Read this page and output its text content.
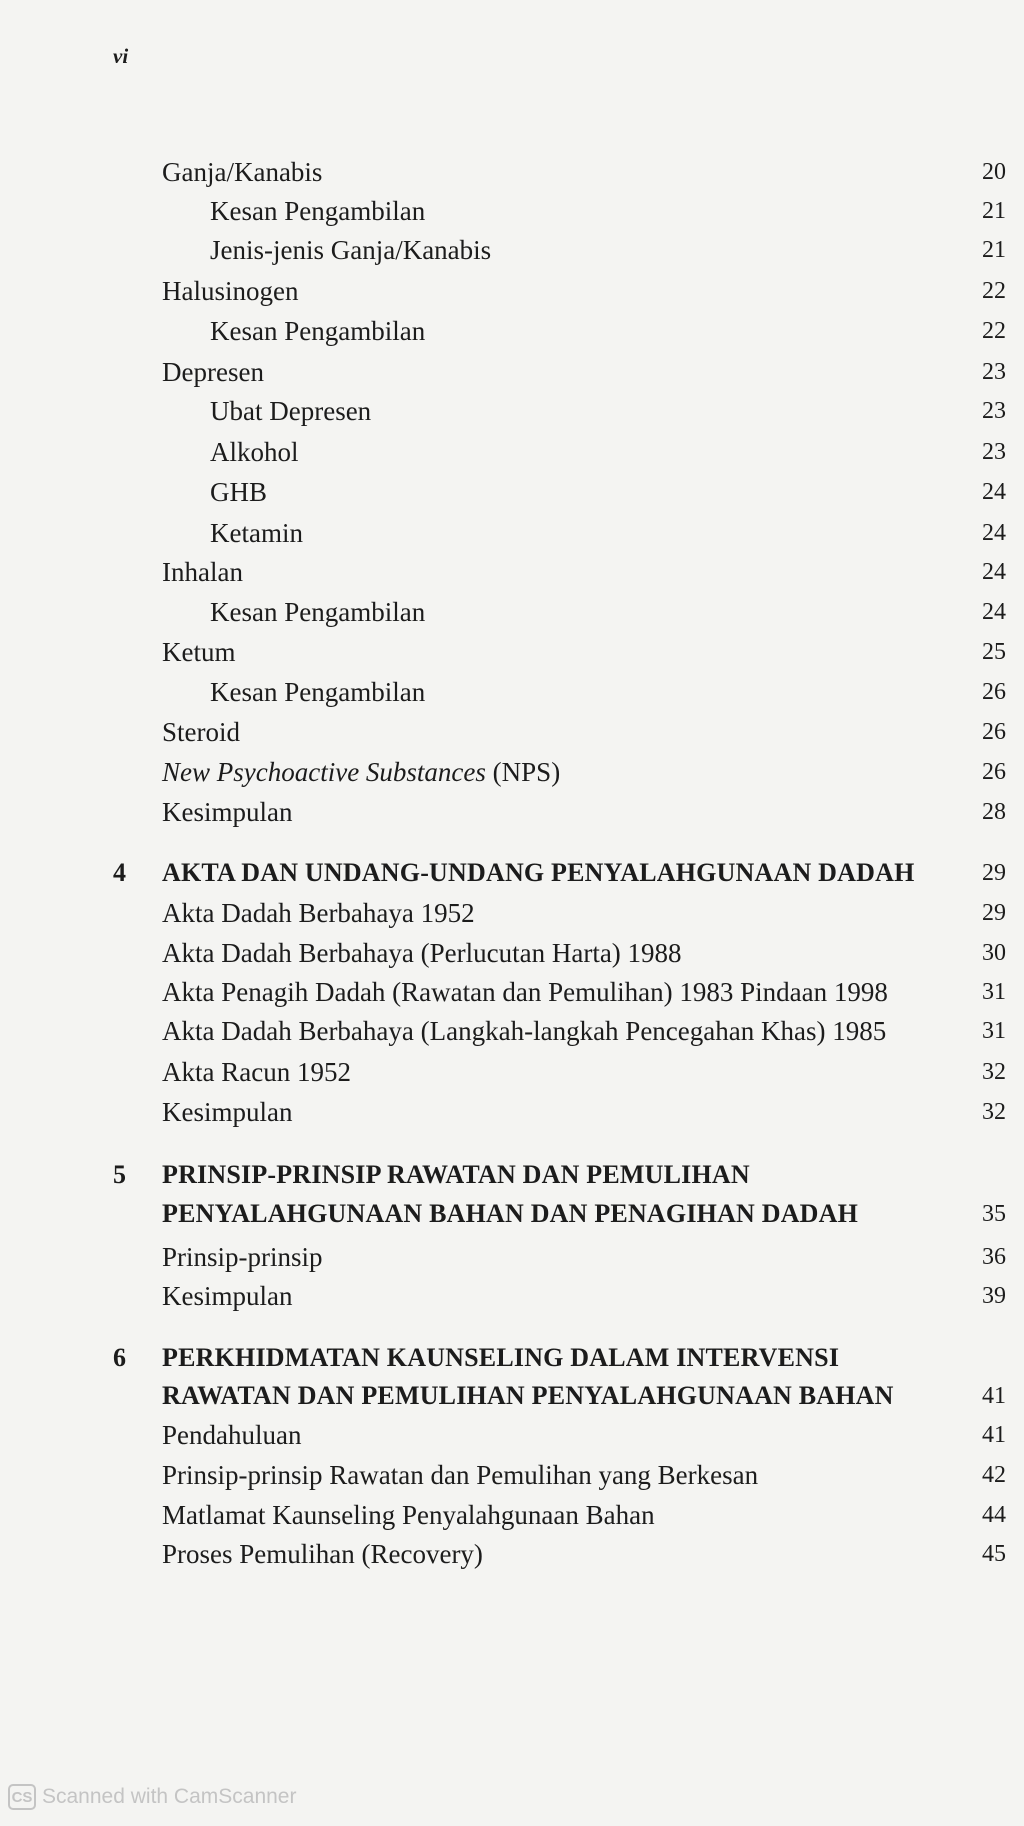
vi
Ganja/Kanabis	20
Kesan Pengambilan	21
Jenis-jenis Ganja/Kanabis	21
Halusinogen	22
Kesan Pengambilan	22
Depresen	23
Ubat Depresen	23
Alkohol	23
GHB	24
Ketamin	24
Inhalan	24
Kesan Pengambilan	24
Ketum	25
Kesan Pengambilan	26
Steroid	26
New Psychoactive Substances (NPS)	26
Kesimpulan	28
4 AKTA DAN UNDANG-UNDANG PENYALAHGUNAAN DADAH	29
Akta Dadah Berbahaya 1952	29
Akta Dadah Berbahaya (Perlucutan Harta) 1988	30
Akta Penagih Dadah (Rawatan dan Pemulihan) 1983 Pindaan 1998	31
Akta Dadah Berbahaya (Langkah-langkah Pencegahan Khas) 1985	31
Akta Racun 1952	32
Kesimpulan	32
5 PRINSIP-PRINSIP RAWATAN DAN PEMULIHAN
PENYALAHGUNAAN BAHAN DAN PENAGIHAN DADAH	35
Prinsip-prinsip	36
Kesimpulan	39
6 PERKHIDMATAN KAUNSELING DALAM INTERVENSI
RAWATAN DAN PEMULIHAN PENYALAHGUNAAN BAHAN	41
Pendahuluan	41
Prinsip-prinsip Rawatan dan Pemulihan yang Berkesan	42
Matlamat Kaunseling Penyalahgunaan Bahan	44
Proses Pemulihan (Recovery)	45
CS Scanned with CamScanner
